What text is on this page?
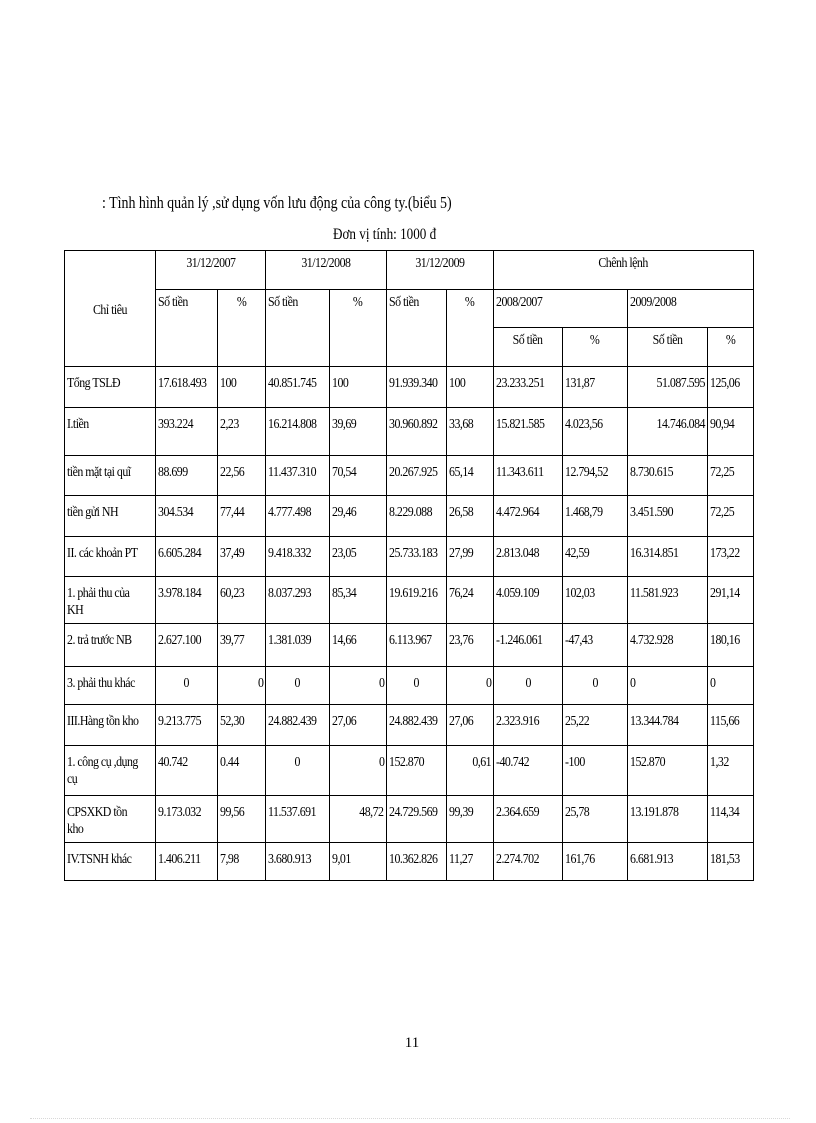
: Tình hình quản lý ,sử dụng vốn lưu động của công ty.(biểu 5)
Đơn vị tính: 1000 đ
Chỉ tiêu	31/12/2007		31/12/2008		31/12/2009		Chênh lệnh			
	Số tiền	%	Số tiền	%	Số tiền	%	2008/2007		2009/2008	
							Số tiền	%	Số tiền	%
Tổng TSLĐ	17.618.493	100	40.851.745	100	91.939.340	100	23.233.251	131,87	51.087.595	125,06
I.tiền	393.224	2,23	16.214.808	39,69	30.960.892	33,68	15.821.585	4.023,56	14.746.084	90,94
tiền mặt tại quĩ	88.699	22,56	11.437.310	70,54	20.267.925	65,14	11.343.611	12.794,52	8.730.615	72,25
tiền gửi NH	304.534	77,44	4.777.498	29,46	8.229.088	26,58	4.472.964	1.468,79	3.451.590	72,25
II. các khoản PT	6.605.284	37,49	9.418.332	23,05	25.733.183	27,99	2.813.048	42,59	16.314.851	173,22
1. phải thu của KH	3.978.184	60,23	8.037.293	85,34	19.619.216	76,24	4.059.109	102,03	11.581.923	291,14
2. trả trước NB	2.627.100	39,77	1.381.039	14,66	6.113.967	23,76	-1.246.061	-47,43	4.732.928	180,16
3. phải thu khác	0	0	0	0	0	0	0	0	0	0
III.Hàng tồn kho	9.213.775	52,30	24.882.439	27,06	24.882.439	27,06	2.323.916	25,22	13.344.784	115,66
1. công cụ ,dụng cụ	40.742	0.44	0	0	152.870	0,61	-40.742	-100	152.870	1,32
CPSXKD tồn kho	9.173.032	99,56	11.537.691	48,72	24.729.569	99,39	2.364.659	25,78	13.191.878	114,34
IV.TSNH khác	1.406.211	7,98	3.680.913	9,01	10.362.826	11,27	2.274.702	161,76	6.681.913	181,53
11
